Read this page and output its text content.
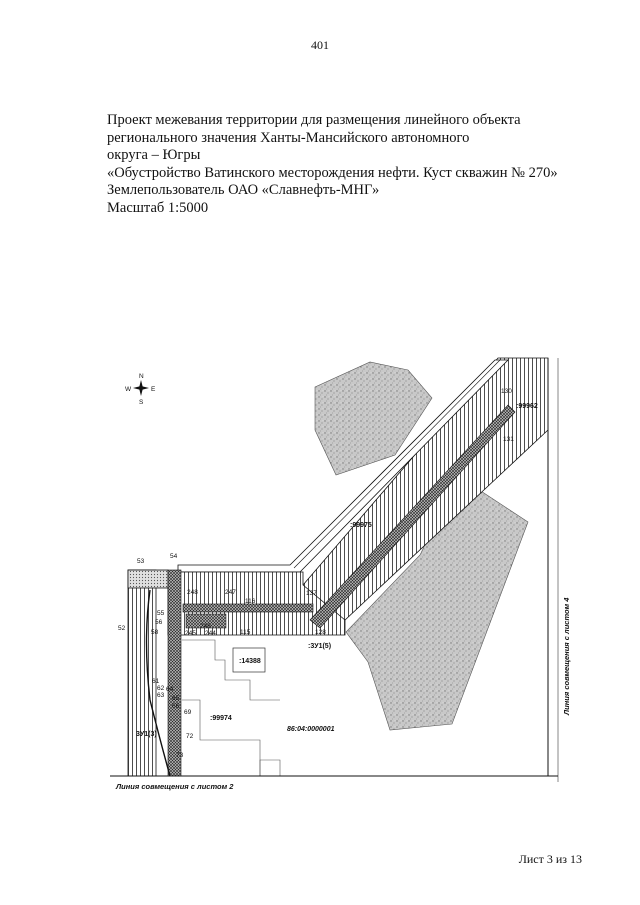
401
Проект межевания территории для размещения линейного объекта
регионального значения Ханты-Мансийского автономного
округа – Югры
«Обустройство Ватинского месторождения нефти. Куст скважин № 270»
Землепользователь ОАО «Славнефть-МНГ»
Масштаб 1:5000
N
S
W	E
:99975
:14388
:99974
:3У1(5)
86:04:0000001
:99962
130
131
137
116
115	128
53
54
52
248	247
246
245 244
55
56
58
61
62
63
64
65
66
69
72
73
3У1(3)
Линия совмещения с листом 4
Линия совмещения с листом 2
Лист 3 из 13
